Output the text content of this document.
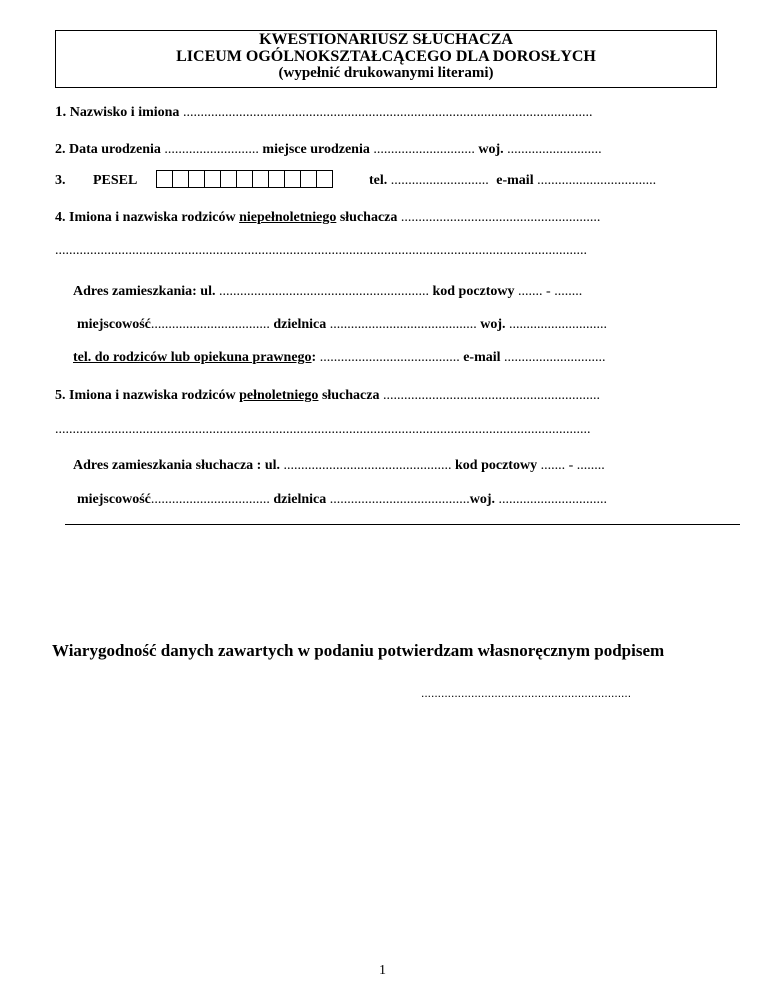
KWESTIONARIUSZ SŁUCHACZA
LICEUM OGÓLNOKSZTAŁCĄCEGO DLA DOROSŁYCH
(wypełnić drukowanymi literami)
1. Nazwisko i imiona .....................................................................................................................
2. Data urodzenia ........................... miejsce urodzenia ............................. woj. ...........................
3. PESEL	tel. ............................ e-mail ..................................
4. Imiona i nazwiska rodziców niepełnoletniego słuchacza .........................................................
........................................................................................................................................................
Adres zamieszkania: ul. ............................................................ kod pocztowy ....... - ........
miejscowość.................................. dzielnica .......................................... woj. ............................
tel. do rodziców lub opiekuna prawnego: ........................................ e-mail .............................
5. Imiona i nazwiska rodziców pełnoletniego słuchacza ..............................................................
.........................................................................................................................................................
Adres zamieszkania słuchacza : ul. ................................................ kod pocztowy ....... - ........
miejscowość.................................. dzielnica ........................................woj. ...............................
Wiarygodność danych zawartych w podaniu potwierdzam własnoręcznym podpisem
...............................................................
1
